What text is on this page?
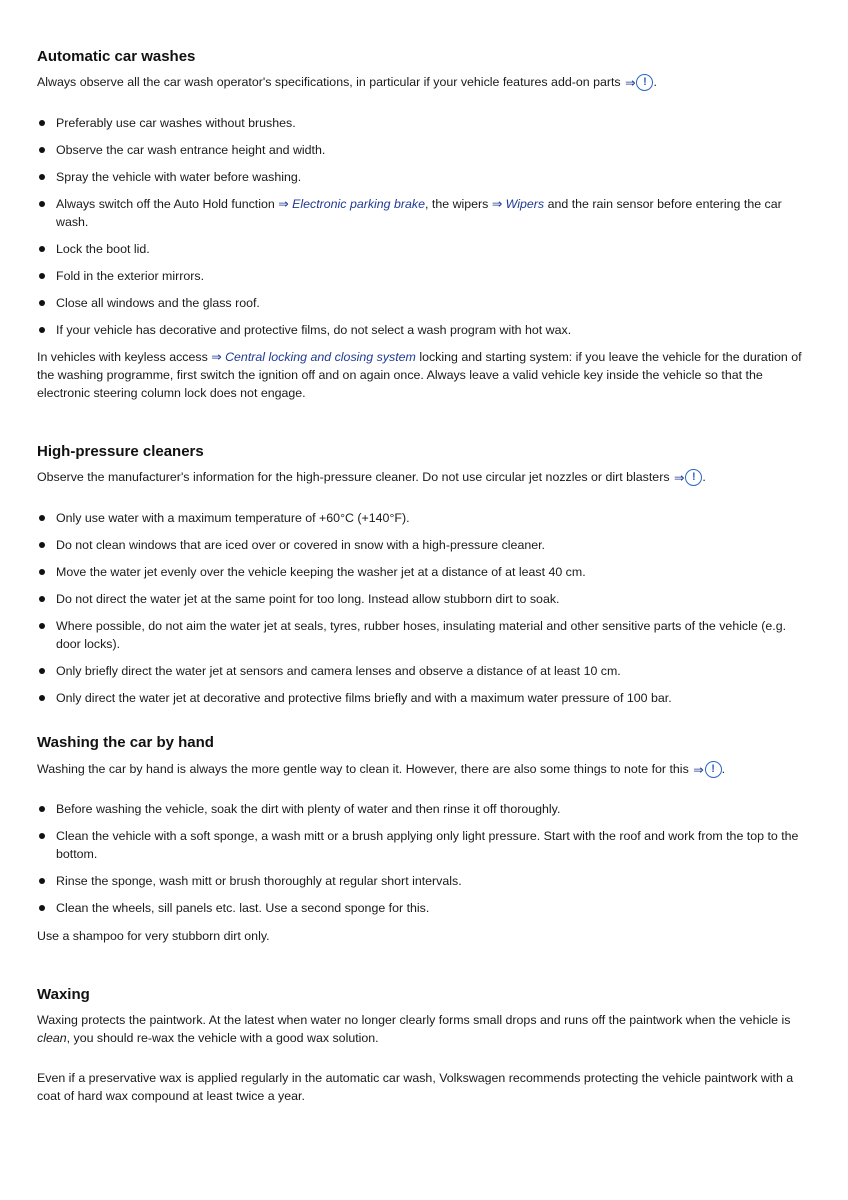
Automatic car washes

Always observe all the car wash operator's specifications, in particular if your vehicle features add-on parts ⇒ ! .

Preferably use car washes without brushes.
Observe the car wash entrance height and width.
Spray the vehicle with water before washing.
Always switch off the Auto Hold function ⇒ Electronic parking brake, the wipers ⇒ Wipers and the rain sensor before entering the car wash.
Lock the boot lid.
Fold in the exterior mirrors.
Close all windows and the glass roof.
If your vehicle has decorative and protective films, do not select a wash program with hot wax.

In vehicles with keyless access ⇒ Central locking and closing system locking and starting system: if you leave the vehicle for the duration of the washing programme, first switch the ignition off and on again once. Always leave a valid vehicle key inside the vehicle so that the electronic steering column lock does not engage.

High-pressure cleaners

Observe the manufacturer's information for the high-pressure cleaner. Do not use circular jet nozzles or dirt blasters ⇒ ! .

Only use water with a maximum temperature of +60°C (+140°F).
Do not clean windows that are iced over or covered in snow with a high-pressure cleaner.
Move the water jet evenly over the vehicle keeping the washer jet at a distance of at least 40 cm.
Do not direct the water jet at the same point for too long. Instead allow stubborn dirt to soak.
Where possible, do not aim the water jet at seals, tyres, rubber hoses, insulating material and other sensitive parts of the vehicle (e.g. door locks).
Only briefly direct the water jet at sensors and camera lenses and observe a distance of at least 10 cm.
Only direct the water jet at decorative and protective films briefly and with a maximum water pressure of 100 bar.
Washing the car by hand

Washing the car by hand is always the more gentle way to clean it. However, there are also some things to note for this ⇒ ! .

Before washing the vehicle, soak the dirt with plenty of water and then rinse it off thoroughly.
Clean the vehicle with a soft sponge, a wash mitt or a brush applying only light pressure. Start with the roof and work from the top to the bottom.
Rinse the sponge, wash mitt or brush thoroughly at regular short intervals.
Clean the wheels, sill panels etc. last. Use a second sponge for this.

Use a shampoo for very stubborn dirt only.

Waxing

Waxing protects the paintwork. At the latest when water no longer clearly forms small drops and runs off the paintwork when the vehicle is clean, you should re-wax the vehicle with a good wax solution.

Even if a preservative wax is applied regularly in the automatic car wash, Volkswagen recommends protecting the vehicle paintwork with a coat of hard wax compound at least twice a year.
